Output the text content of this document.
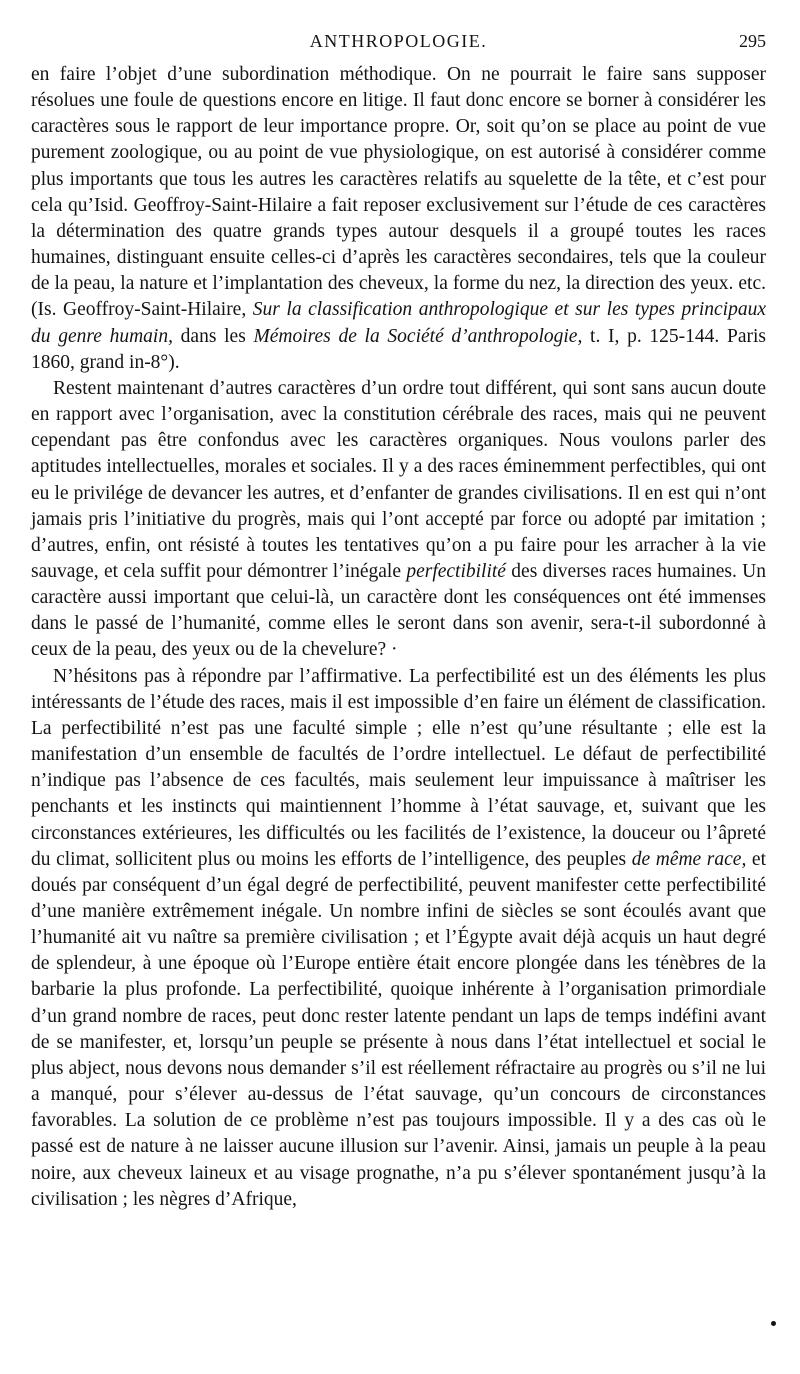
ANTHROPOLOGIE.	295

en faire l’objet d’une subordination méthodique. On ne pourrait le faire sans supposer résolues une foule de questions encore en litige. Il faut donc encore se borner à considérer les caractères sous le rapport de leur importance propre. Or, soit qu’on se place au point de vue purement zoologique, ou au point de vue physiologique, on est autorisé à considérer comme plus importants que tous les autres les caractères relatifs au squelette de la tête, et c’est pour cela qu’Isid. Geoffroy-Saint-Hilaire a fait reposer exclusivement sur l’étude de ces caractères la détermination des quatre grands types autour desquels il a groupé toutes les races humaines, distinguant ensuite celles-ci d’après les caractères secondaires, tels que la couleur de la peau, la nature et l’implantation des cheveux, la forme du nez, la direction des yeux. etc. (Is. Geoffroy-Saint-Hilaire, Sur la classification anthropologique et sur les types principaux du genre humain, dans les Mémoires de la Société d’anthropologie, t. I, p. 125-144. Paris 1860, grand in-8°).

Restent maintenant d’autres caractères d’un ordre tout différent, qui sont sans aucun doute en rapport avec l’organisation, avec la constitution cérébrale des races, mais qui ne peuvent cependant pas être confondus avec les caractères organiques. Nous voulons parler des aptitudes intellectuelles, morales et sociales. Il y a des races éminemment perfectibles, qui ont eu le privilége de devancer les autres, et d’enfanter de grandes civilisations. Il en est qui n’ont jamais pris l’initiative du progrès, mais qui l’ont accepté par force ou adopté par imitation ; d’autres, enfin, ont résisté à toutes les tentatives qu’on a pu faire pour les arracher à la vie sauvage, et cela suffit pour démontrer l’inégale perfectibilité des diverses races humaines. Un caractère aussi important que celui-là, un caractère dont les conséquences ont été immenses dans le passé de l’humanité, comme elles le seront dans son avenir, sera-t-il subordonné à ceux de la peau, des yeux ou de la chevelure? ·

N’hésitons pas à répondre par l’affirmative. La perfectibilité est un des éléments les plus intéressants de l’étude des races, mais il est impossible d’en faire un élément de classification. La perfectibilité n’est pas une faculté simple ; elle n’est qu’une résultante ; elle est la manifestation d’un ensemble de facultés de l’ordre intellectuel. Le défaut de perfectibilité n’indique pas l’absence de ces facultés, mais seulement leur impuissance à maîtriser les penchants et les instincts qui maintiennent l’homme à l’état sauvage, et, suivant que les circonstances extérieures, les difficultés ou les facilités de l’existence, la douceur ou l’âpreté du climat, sollicitent plus ou moins les efforts de l’intelligence, des peuples de même race, et doués par conséquent d’un égal degré de perfectibilité, peuvent manifester cette perfectibilité d’une manière extrêmement inégale. Un nombre infini de siècles se sont écoulés avant que l’humanité ait vu naître sa première civilisation ; et l’Égypte avait déjà acquis un haut degré de splendeur, à une époque où l’Europe entière était encore plongée dans les ténèbres de la barbarie la plus profonde. La perfectibilité, quoique inhérente à l’organisation primordiale d’un grand nombre de races, peut donc rester latente pendant un laps de temps indéfini avant de se manifester, et, lorsqu’un peuple se présente à nous dans l’état intellectuel et social le plus abject, nous devons nous demander s’il est réellement réfractaire au progrès ou s’il ne lui a manqué, pour s’élever au-dessus de l’état sauvage, qu’un concours de circonstances favorables. La solution de ce problème n’est pas toujours impossible. Il y a des cas où le passé est de nature à ne laisser aucune illusion sur l’avenir. Ainsi, jamais un peuple à la peau noire, aux cheveux laineux et au visage prognathe, n’a pu s’élever spontanément jusqu’à la civilisation ; les nègres d’Afrique,
